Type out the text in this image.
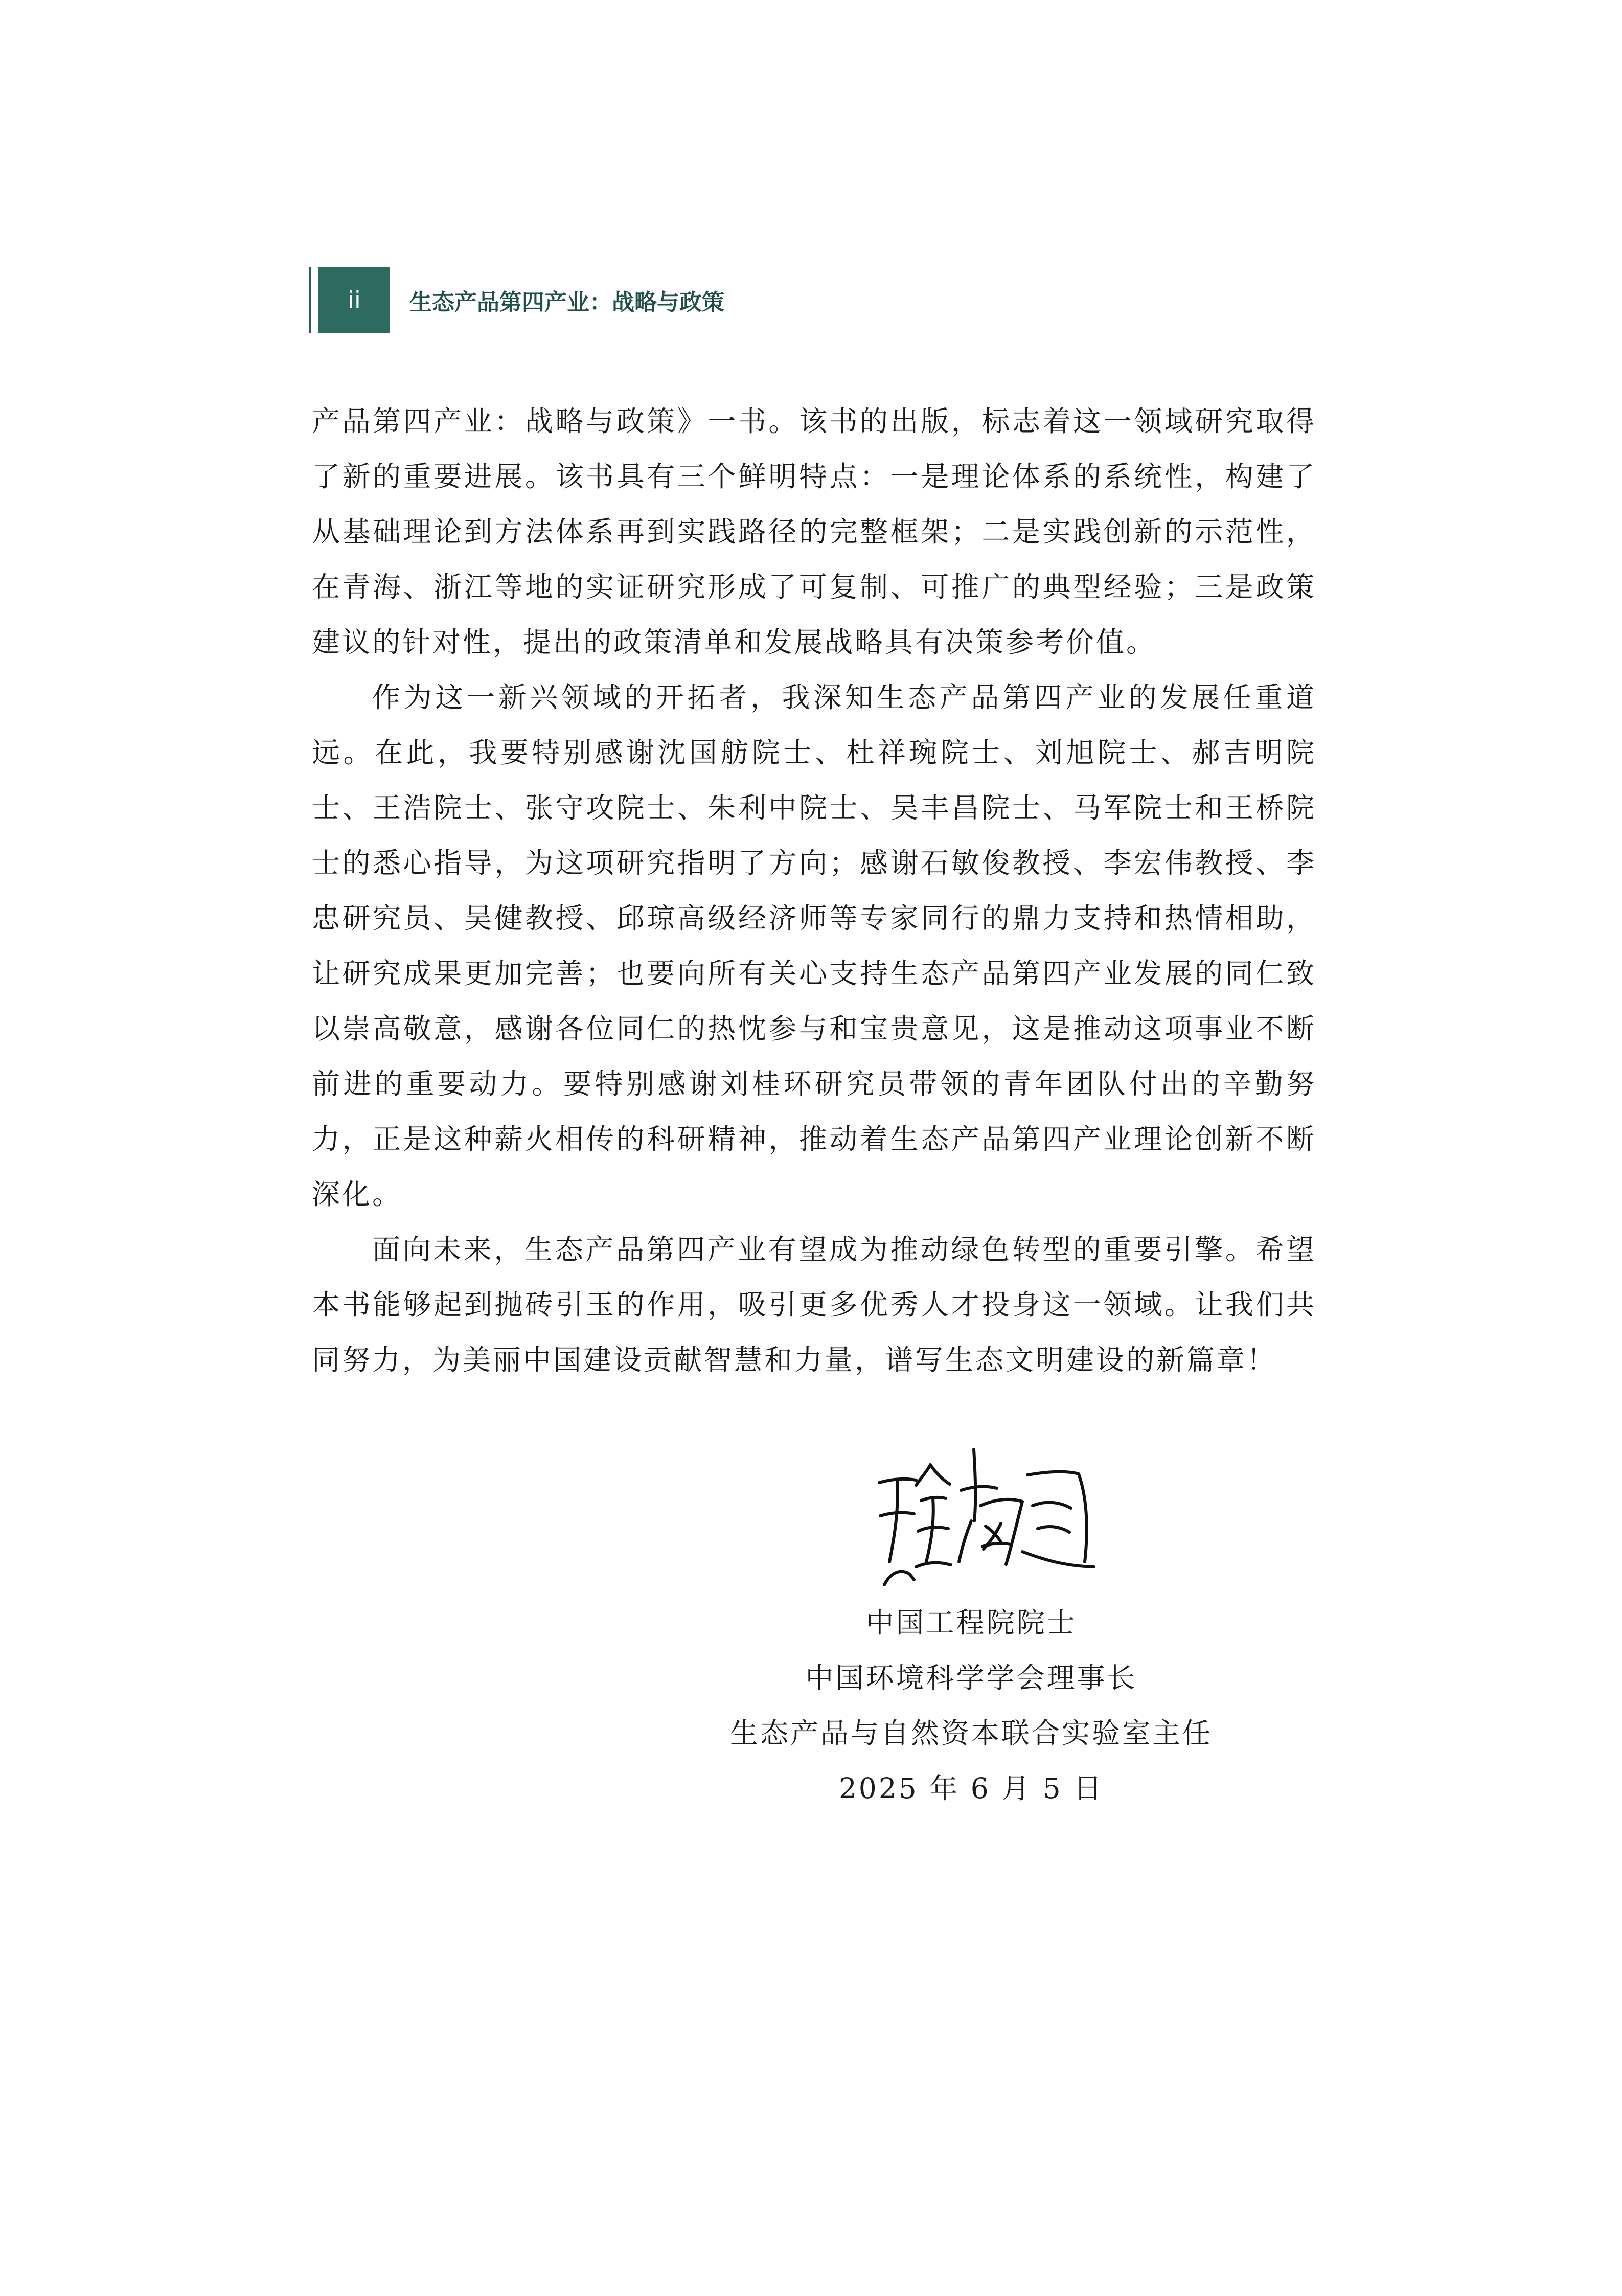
ii	生态产品第四产业：战略与政策

产品第四产业：战略与政策》一书。该书的出版，标志着这一领域研究取得了新的重要进展。该书具有三个鲜明特点：一是理论体系的系统性，构建了从基础理论到方法体系再到实践路径的完整框架；二是实践创新的示范性，在青海、浙江等地的实证研究形成了可复制、可推广的典型经验；三是政策建议的针对性，提出的政策清单和发展战略具有决策参考价值。

作为这一新兴领域的开拓者，我深知生态产品第四产业的发展任重道远。在此，我要特别感谢沈国舫院士、杜祥琬院士、刘旭院士、郝吉明院士、王浩院士、张守攻院士、朱利中院士、吴丰昌院士、马军院士和王桥院士的悉心指导，为这项研究指明了方向；感谢石敏俊教授、李宏伟教授、李忠研究员、吴健教授、邱琼高级经济师等专家同行的鼎力支持和热情相助，让研究成果更加完善；也要向所有关心支持生态产品第四产业发展的同仁致以崇高敬意，感谢各位同仁的热忱参与和宝贵意见，这是推动这项事业不断前进的重要动力。要特别感谢刘桂环研究员带领的青年团队付出的辛勤努力，正是这种薪火相传的科研精神，推动着生态产品第四产业理论创新不断深化。

面向未来，生态产品第四产业有望成为推动绿色转型的重要引擎。希望本书能够起到抛砖引玉的作用，吸引更多优秀人才投身这一领域。让我们共同努力，为美丽中国建设贡献智慧和力量，谱写生态文明建设的新篇章！

中国工程院院士
中国环境科学学会理事长
生态产品与自然资本联合实验室主任
2025 年 6 月 5 日
